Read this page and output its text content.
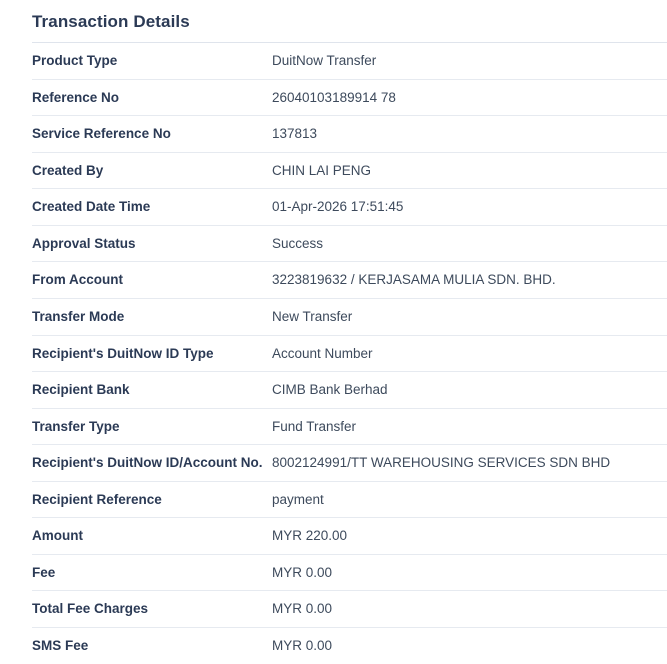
Transaction Details
Product Type	DuitNow Transfer
Reference No	26040103189914 78
Service Reference No	137813
Created By	CHIN LAI PENG
Created Date Time	01-Apr-2026 17:51:45
Approval Status	Success
From Account	3223819632 / KERJASAMA MULIA SDN. BHD.
Transfer Mode	New Transfer
Recipient's DuitNow ID Type	Account Number
Recipient Bank	CIMB Bank Berhad
Transfer Type	Fund Transfer
Recipient's DuitNow ID/Account No.	8002124991/TT WAREHOUSING SERVICES SDN BHD
Recipient Reference	payment
Amount	MYR 220.00
Fee	MYR 0.00
Total Fee Charges	MYR 0.00
SMS Fee	MYR 0.00
